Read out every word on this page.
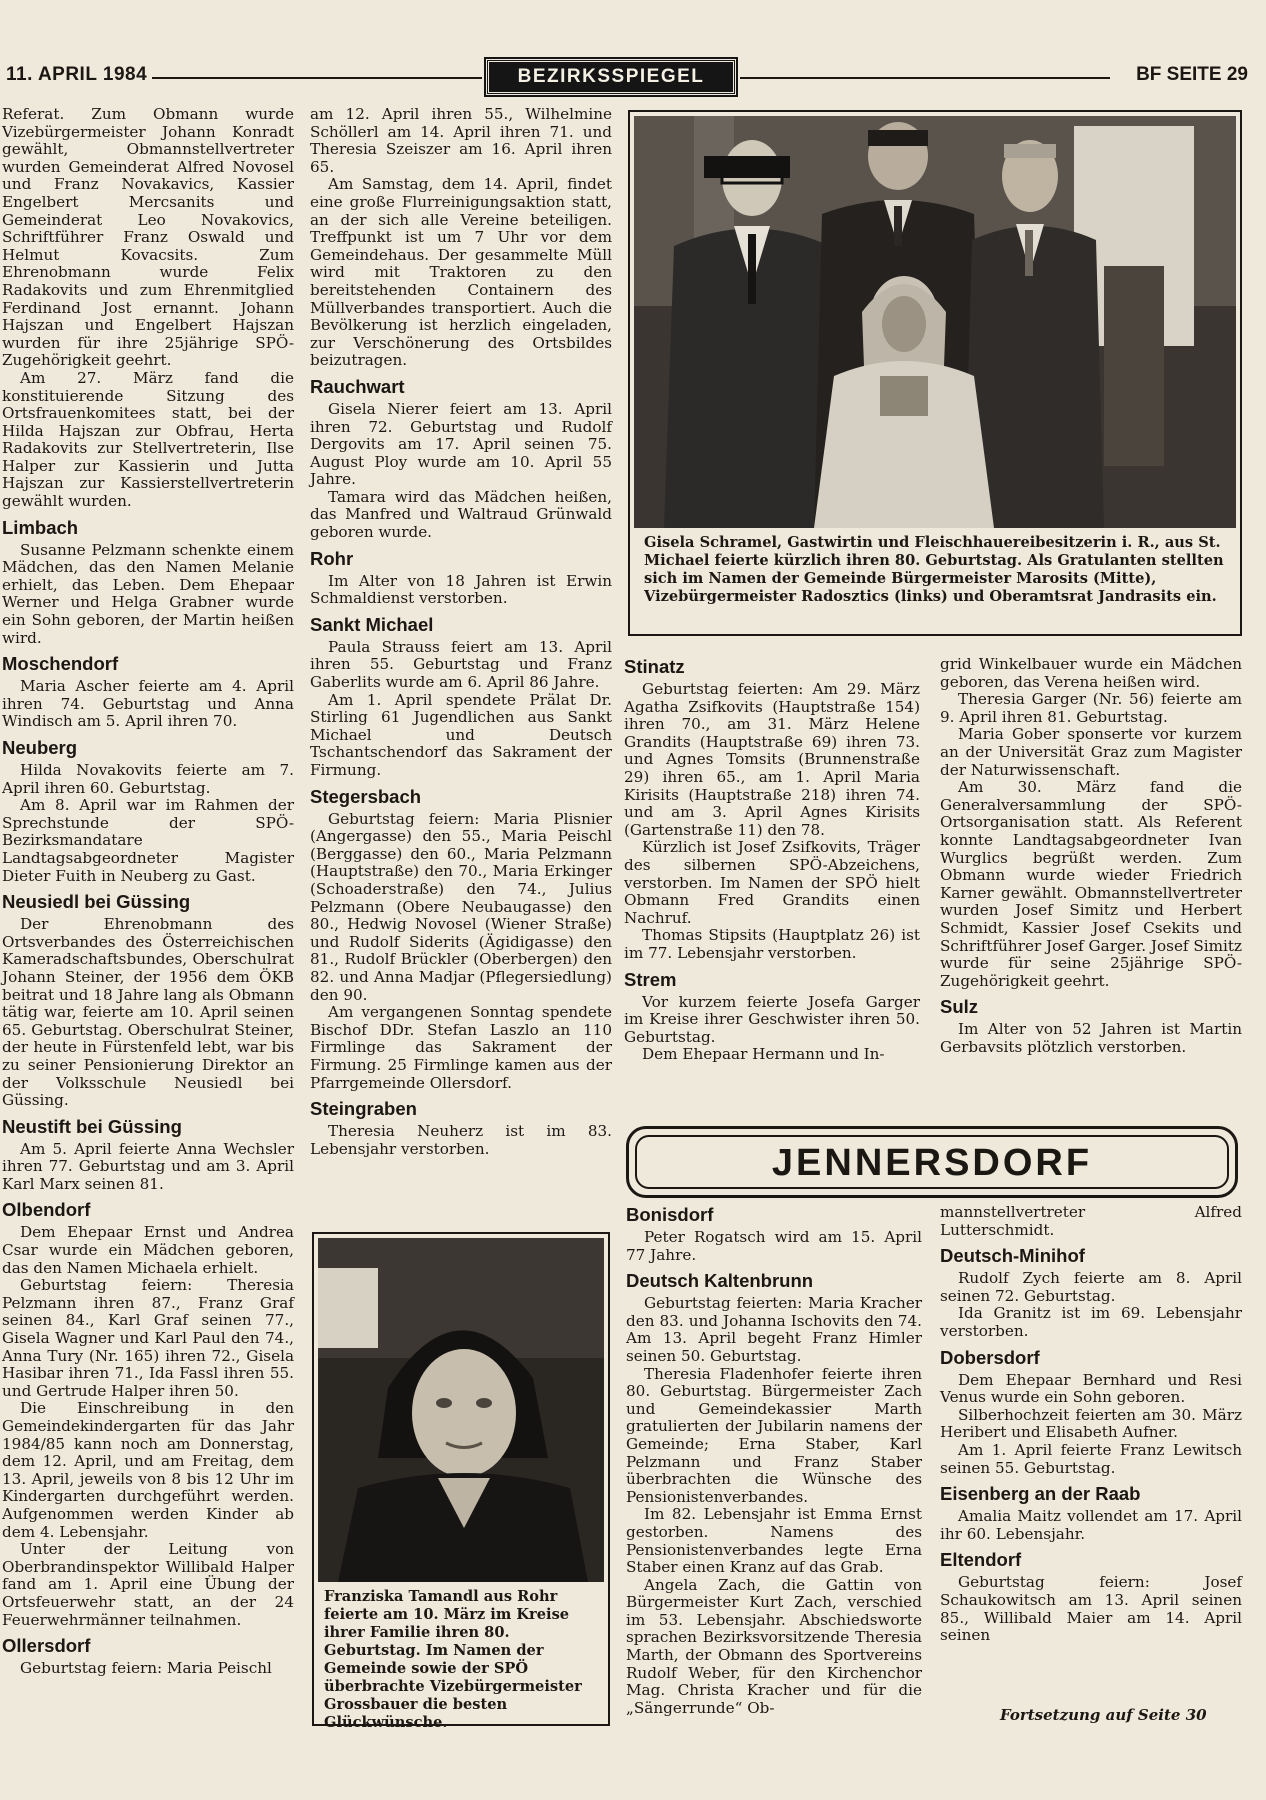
11. APRIL 1984	BEZIRKSSPIEGEL	BF SEITE 29

Referat. Zum Obmann wurde Vizebürgermeister Johann Konradt gewählt, Obmannstellvertreter wurden Gemeinderat Alfred Novosel und Franz Novakavics, Kassier Engelbert Mercsanits und Gemeinderat Leo Novakovics, Schriftführer Franz Oswald und Helmut Kovacsits. Zum Ehrenobmann wurde Felix Radakovits und zum Ehrenmitglied Ferdinand Jost ernannt. Johann Hajszan und Engelbert Hajszan wurden für ihre 25jährige SPÖ-Zugehörigkeit geehrt.

Am 27. März fand die konstituierende Sitzung des Ortsfrauenkomitees statt, bei der Hilda Hajszan zur Obfrau, Herta Radakovits zur Stellvertreterin, Ilse Halper zur Kassierin und Jutta Hajszan zur Kassierstellvertreterin gewählt wurden.

Limbach

Susanne Pelzmann schenkte einem Mädchen, das den Namen Melanie erhielt, das Leben. Dem Ehepaar Werner und Helga Grabner wurde ein Sohn geboren, der Martin heißen wird.

Moschendorf

Maria Ascher feierte am 4. April ihren 74. Geburtstag und Anna Windisch am 5. April ihren 70.

Neuberg

Hilda Novakovits feierte am 7. April ihren 60. Geburtstag.

Am 8. April war im Rahmen der Sprechstunde der SPÖ-Bezirksmandatare Landtagsabgeordneter Magister Dieter Fuith in Neuberg zu Gast.

Neusiedl bei Güssing

Der Ehrenobmann des Ortsverbandes des Österreichischen Kameradschaftsbundes, Oberschulrat Johann Steiner, der 1956 dem ÖKB beitrat und 18 Jahre lang als Obmann tätig war, feierte am 10. April seinen 65. Geburtstag. Oberschulrat Steiner, der heute in Fürstenfeld lebt, war bis zu seiner Pensionierung Direktor an der Volksschule Neusiedl bei Güssing.

Neustift bei Güssing

Am 5. April feierte Anna Wechsler ihren 77. Geburtstag und am 3. April Karl Marx seinen 81.

Olbendorf

Dem Ehepaar Ernst und Andrea Csar wurde ein Mädchen geboren, das den Namen Michaela erhielt.

Geburtstag feiern: Theresia Pelzmann ihren 87., Franz Graf seinen 84., Karl Graf seinen 77., Gisela Wagner und Karl Paul den 74., Anna Tury (Nr. 165) ihren 72., Gisela Hasibar ihren 71., Ida Fassl ihren 55. und Gertrude Halper ihren 50.

Die Einschreibung in den Gemeindekindergarten für das Jahr 1984/85 kann noch am Donnerstag, dem 12. April, und am Freitag, dem 13. April, jeweils von 8 bis 12 Uhr im Kindergarten durchgeführt werden. Aufgenommen werden Kinder ab dem 4. Lebensjahr.

Unter der Leitung von Oberbrandinspektor Willibald Halper fand am 1. April eine Übung der Ortsfeuerwehr statt, an der 24 Feuerwehrmänner teilnahmen.

Ollersdorf

Geburtstag feiern: Maria Peischl

am 12. April ihren 55., Wilhelmine Schöllerl am 14. April ihren 71. und Theresia Szeiszer am 16. April ihren 65.

Am Samstag, dem 14. April, findet eine große Flurreinigungsaktion statt, an der sich alle Vereine beteiligen. Treffpunkt ist um 7 Uhr vor dem Gemeindehaus. Der gesammelte Müll wird mit Traktoren zu den bereitstehenden Containern des Müllverbandes transportiert. Auch die Bevölkerung ist herzlich eingeladen, zur Verschönerung des Ortsbildes beizutragen.

Rauchwart

Gisela Nierer feiert am 13. April ihren 72. Geburtstag und Rudolf Dergovits am 17. April seinen 75. August Ploy wurde am 10. April 55 Jahre.

Tamara wird das Mädchen heißen, das Manfred und Waltraud Grünwald geboren wurde.

Rohr

Im Alter von 18 Jahren ist Erwin Schmaldienst verstorben.

Sankt Michael

Paula Strauss feiert am 13. April ihren 55. Geburtstag und Franz Gaberlits wurde am 6. April 86 Jahre.

Am 1. April spendete Prälat Dr. Stirling 61 Jugendlichen aus Sankt Michael und Deutsch Tschantschendorf das Sakrament der Firmung.

Stegersbach

Geburtstag feiern: Maria Plisnier (Angergasse) den 55., Maria Peischl (Berggasse) den 60., Maria Pelzmann (Hauptstraße) den 70., Maria Erkinger (Schoaderstraße) den 74., Julius Pelzmann (Obere Neubaugasse) den 80., Hedwig Novosel (Wiener Straße) und Rudolf Siderits (Ägidigasse) den 81., Rudolf Brückler (Oberbergen) den 82. und Anna Madjar (Pflegersiedlung) den 90.

Am vergangenen Sonntag spendete Bischof DDr. Stefan Laszlo an 110 Firmlinge das Sakrament der Firmung. 25 Firmlinge kamen aus der Pfarrgemeinde Ollersdorf.

Steingraben

Theresia Neuherz ist im 83. Lebensjahr verstorben.

Gisela Schramel, Gastwirtin und Fleischhauereibesitzerin i. R., aus St. Michael feierte kürzlich ihren 80. Geburtstag. Als Gratulanten stellten sich im Namen der Gemeinde Bürgermeister Marosits (Mitte), Vizebürgermeister Radosztics (links) und Oberamtsrat Jandrasits ein.
Stinatz

Geburtstag feierten: Am 29. März Agatha Zsifkovits (Hauptstraße 154) ihren 70., am 31. März Helene Grandits (Hauptstraße 69) ihren 73. und Agnes Tomsits (Brunnenstraße 29) ihren 65., am 1. April Maria Kirisits (Hauptstraße 218) ihren 74. und am 3. April Agnes Kirisits (Gartenstraße 11) den 78.

Kürzlich ist Josef Zsifkovits, Träger des silbernen SPÖ-Abzeichens, verstorben. Im Namen der SPÖ hielt Obmann Fred Grandits einen Nachruf.

Thomas Stipsits (Hauptplatz 26) ist im 77. Lebensjahr verstorben.

Strem

Vor kurzem feierte Josefa Garger im Kreise ihrer Geschwister ihren 50. Geburtstag.

Dem Ehepaar Hermann und In-

grid Winkelbauer wurde ein Mädchen geboren, das Verena heißen wird.

Theresia Garger (Nr. 56) feierte am 9. April ihren 81. Geburtstag.

Maria Gober sponserte vor kurzem an der Universität Graz zum Magister der Naturwissenschaft.

Am 30. März fand die Generalversammlung der SPÖ-Ortsorganisation statt. Als Referent konnte Landtagsabgeordneter Ivan Wurglics begrüßt werden. Zum Obmann wurde wieder Friedrich Karner gewählt. Obmannstellvertreter wurden Josef Simitz und Herbert Schmidt, Kassier Josef Csekits und Schriftführer Josef Garger. Josef Simitz wurde für seine 25jährige SPÖ-Zugehörigkeit geehrt.

Sulz

Im Alter von 52 Jahren ist Martin Gerbavsits plötzlich verstorben.

JENNERSDORF
Franziska Tamandl aus Rohr feierte am 10. März im Kreise ihrer Familie ihren 80. Geburtstag. Im Namen der Gemeinde sowie der SPÖ überbrachte Vizebürgermeister Grossbauer die besten Glückwünsche.
Bonisdorf

Peter Rogatsch wird am 15. April 77 Jahre.

Deutsch Kaltenbrunn

Geburtstag feierten: Maria Kracher den 83. und Johanna Ischovits den 74. Am 13. April begeht Franz Himler seinen 50. Geburtstag.

Theresia Fladenhofer feierte ihren 80. Geburtstag. Bürgermeister Zach und Gemeindekassier Marth gratulierten der Jubilarin namens der Gemeinde; Erna Staber, Karl Pelzmann und Franz Staber überbrachten die Wünsche des Pensionistenverbandes.

Im 82. Lebensjahr ist Emma Ernst gestorben. Namens des Pensionistenverbandes legte Erna Staber einen Kranz auf das Grab.

Angela Zach, die Gattin von Bürgermeister Kurt Zach, verschied im 53. Lebensjahr. Abschiedsworte sprachen Bezirksvorsitzende Theresia Marth, der Obmann des Sportvereins Rudolf Weber, für den Kirchenchor Mag. Christa Kracher und für die „Sängerrunde“ Ob-

mannstellvertreter Alfred Lutterschmidt.

Deutsch-Minihof

Rudolf Zych feierte am 8. April seinen 72. Geburtstag.

Ida Granitz ist im 69. Lebensjahr verstorben.

Dobersdorf

Dem Ehepaar Bernhard und Resi Venus wurde ein Sohn geboren.

Silberhochzeit feierten am 30. März Heribert und Elisabeth Aufner.

Am 1. April feierte Franz Lewitsch seinen 55. Geburtstag.

Eisenberg an der Raab

Amalia Maitz vollendet am 17. April ihr 60. Lebensjahr.

Eltendorf

Geburtstag feiern: Josef Schaukowitsch am 13. April seinen 85., Willibald Maier am 14. April seinen

Fortsetzung auf Seite 30
